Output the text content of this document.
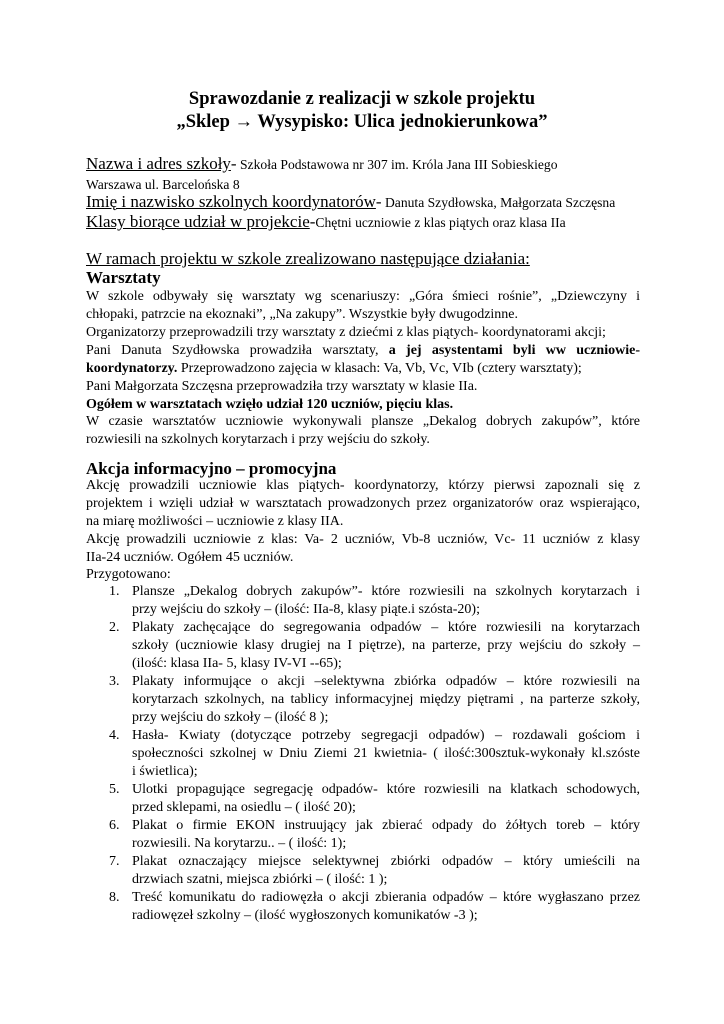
Sprawozdanie z realizacji w szkole projektu
„Sklep → Wysypisko: Ulica jednokierunkowa”
Nazwa i adres szkoły- Szkoła Podstawowa nr 307 im. Króla Jana III Sobieskiego
Warszawa ul. Barcelońska 8
Imię i nazwisko szkolnych koordynatorów- Danuta Szydłowska, Małgorzata Szczęsna
Klasy biorące udział w projekcie-Chętni uczniowie z klas piątych oraz klasa IIa
W ramach projektu w szkole zrealizowano następujące działania:
Warsztaty
W szkole odbywały się warsztaty wg scenariuszy: „Góra śmieci rośnie”, „Dziewczyny i
chłopaki, patrzcie na ekoznaki”, „Na zakupy”. Wszystkie były dwugodzinne.
Organizatorzy przeprowadzili trzy warsztaty z dziećmi z klas piątych- koordynatorami akcji;
Pani Danuta Szydłowska prowadziła warsztaty, a jej asystentami byli ww uczniowie-
koordynatorzy. Przeprowadzono zajęcia w klasach: Va, Vb, Vc, VIb (cztery warsztaty);
Pani Małgorzata Szczęsna przeprowadziła trzy warsztaty w klasie IIa.
Ogółem w warsztatach wzięło udział 120 uczniów, pięciu klas.
W czasie warsztatów uczniowie wykonywali plansze „Dekalog dobrych zakupów”, które
rozwiesili na szkolnych korytarzach i przy wejściu do szkoły.
Akcja informacyjno – promocyjna
Akcję prowadzili uczniowie klas piątych- koordynatorzy, którzy pierwsi zapoznali się z
projektem i wzięli udział w warsztatach prowadzonych przez organizatorów oraz wspierająco,
na miarę możliwości – uczniowie z klasy IIA.
Akcję prowadzili uczniowie z klas: Va- 2 uczniów, Vb-8 uczniów, Vc- 11 uczniów z klasy
IIa-24 uczniów. Ogółem 45 uczniów.
Przygotowano:
1. Plansze „Dekalog dobrych zakupów”- które rozwiesili na szkolnych korytarzach i
przy wejściu do szkoły – (ilość: IIa-8, klasy piąte.i szósta-20);
2. Plakaty zachęcające do segregowania odpadów – które rozwiesili na korytarzach
szkoły (uczniowie klasy drugiej na I piętrze), na parterze, przy wejściu do szkoły –
(ilość: klasa IIa- 5, klasy IV-VI --65);
3. Plakaty informujące o akcji –selektywna zbiórka odpadów – które rozwiesili na
korytarzach szkolnych, na tablicy informacyjnej między piętrami , na parterze szkoły,
przy wejściu do szkoły – (ilość 8 );
4. Hasła- Kwiaty (dotyczące potrzeby segregacji odpadów) – rozdawali gościom i
społeczności szkolnej w Dniu Ziemi 21 kwietnia- ( ilość:300sztuk-wykonały kl.szóste
i świetlica);
5. Ulotki propagujące segregację odpadów- które rozwiesili na klatkach schodowych,
przed sklepami, na osiedlu – ( ilość 20);
6. Plakat o firmie EKON instruujący jak zbierać odpady do żółtych toreb – który
rozwiesili. Na korytarzu.. – ( ilość: 1);
7. Plakat oznaczający miejsce selektywnej zbiórki odpadów – który umieścili na
drzwiach szatni, miejsca zbiórki – ( ilość: 1 );
8. Treść komunikatu do radiowęzła o akcji zbierania odpadów – które wygłaszano przez
radiowęzeł szkolny – (ilość wygłoszonych komunikatów -3 );
